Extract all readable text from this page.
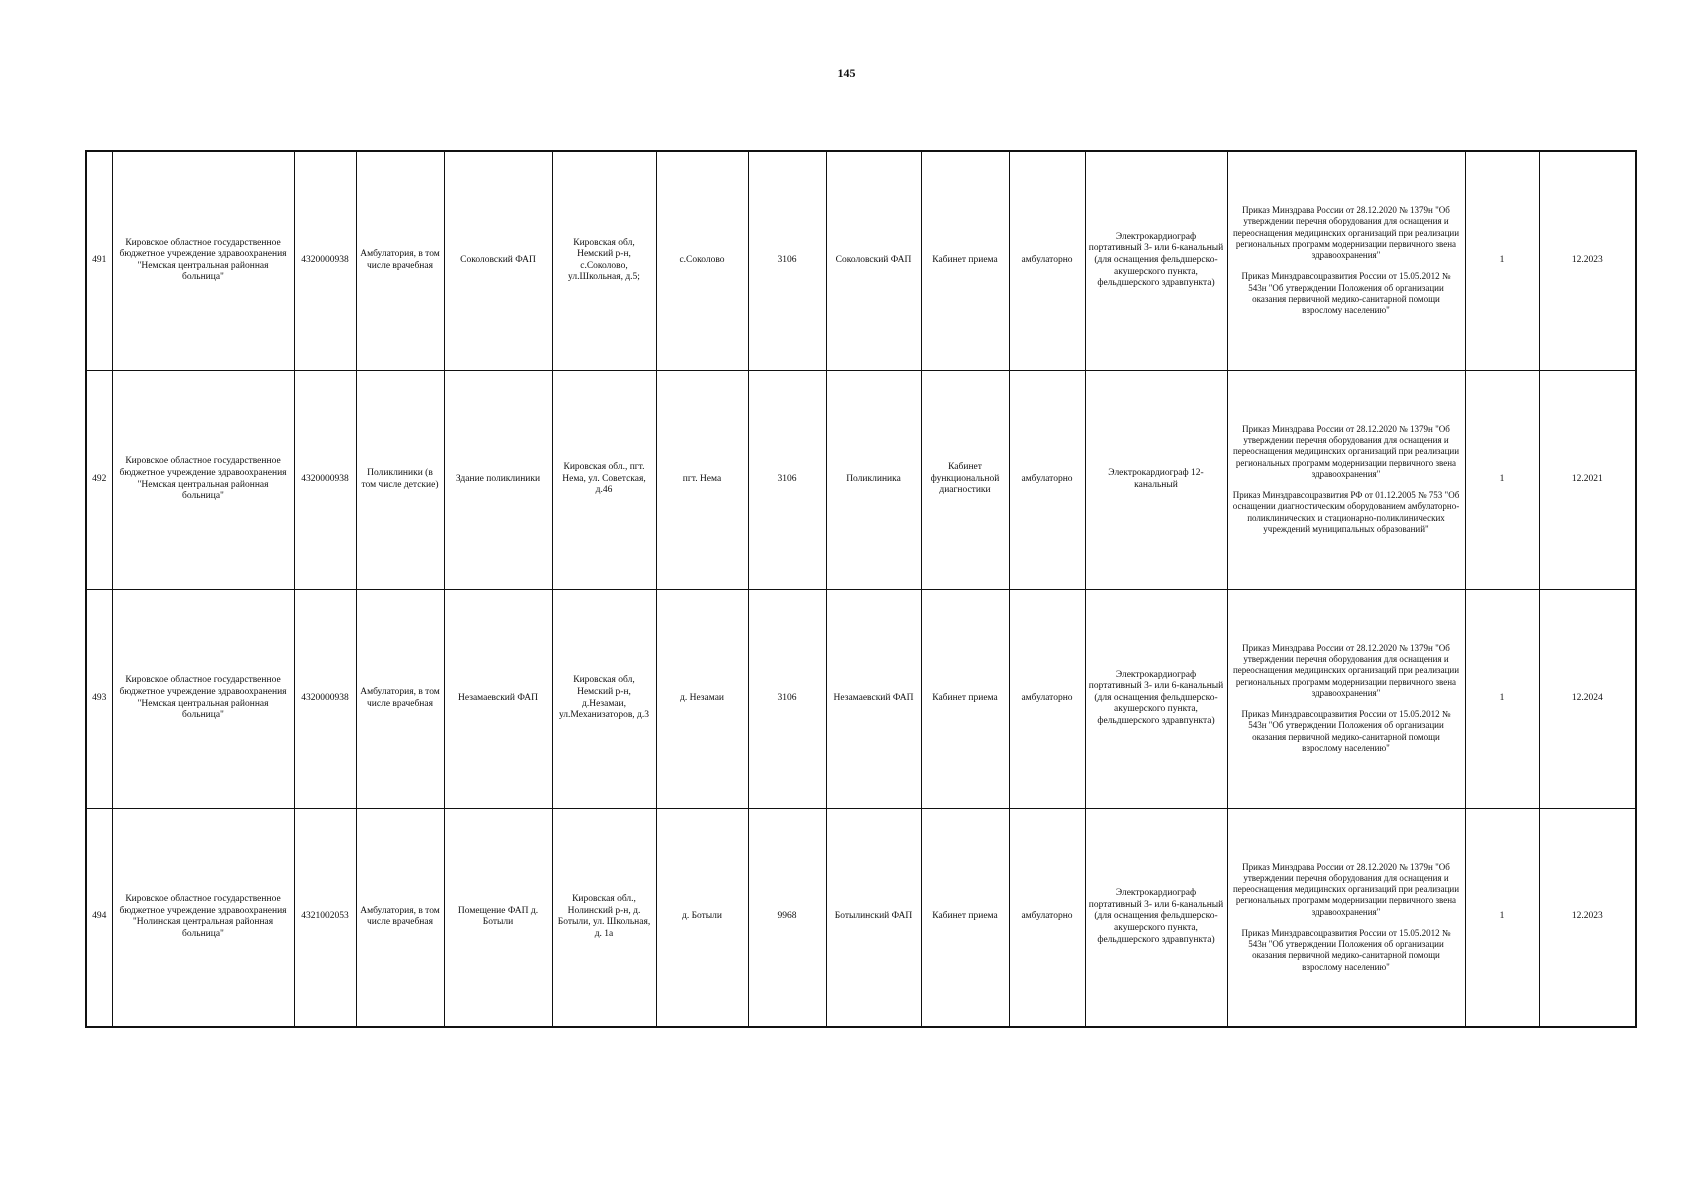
145
491	Кировское областное государственное бюджетное учреждение здравоохранения "Немская центральная районная больница"	4320000938	Амбулатория, в том числе врачебная	Соколовский ФАП	Кировская обл, Немский р-н, с.Соколово, ул.Школьная, д.5;	с.Соколово	3106	Соколовский ФАП	Кабинет приема	амбулаторно	Электрокардиограф портативный 3- или 6-канальный (для оснащения фельдшерско-акушерского пункта, фельдшерского здравпункта)	Приказ Минздрава России от 28.12.2020 № 1379н "Об утверждении перечня оборудования для оснащения и переоснащения медицинских организаций при реализации региональных программ модернизации первичного звена здравоохранения"
Приказ Минздравсоцразвития России от 15.05.2012 № 543н "Об утверждении Положения об организации оказания первичной медико-санитарной помощи взрослому населению"	1	12.2023
492	Кировское областное государственное бюджетное учреждение здравоохранения "Немская центральная районная больница"	4320000938	Поликлиники (в том числе детские)	Здание поликлиники	Кировская обл., пгт. Нема, ул. Советская, д.46	пгт. Нема	3106	Поликлиника	Кабинет функциональной диагностики	амбулаторно	Электрокардиограф 12-канальный	Приказ Минздрава России от 28.12.2020 № 1379н "Об утверждении перечня оборудования для оснащения и переоснащения медицинских организаций при реализации региональных программ модернизации первичного звена здравоохранения"
Приказ Минздравсоцразвития РФ от 01.12.2005 № 753 "Об оснащении диагностическим оборудованием амбулаторно-поликлинических и стационарно-поликлинических учреждений муниципальных образований"	1	12.2021
493	Кировское областное государственное бюджетное учреждение здравоохранения "Немская центральная районная больница"	4320000938	Амбулатория, в том числе врачебная	Незамаевский ФАП	Кировская обл, Немский р-н, д.Незамаи, ул.Механизаторов, д.3	д. Незамаи	3106	Незамаевский ФАП	Кабинет приема	амбулаторно	Электрокардиограф портативный 3- или 6-канальный (для оснащения фельдшерско-акушерского пункта, фельдшерского здравпункта)	Приказ Минздрава России от 28.12.2020 № 1379н "Об утверждении перечня оборудования для оснащения и переоснащения медицинских организаций при реализации региональных программ модернизации первичного звена здравоохранения"
Приказ Минздравсоцразвития России от 15.05.2012 № 543н "Об утверждении Положения об организации оказания первичной медико-санитарной помощи взрослому населению"	1	12.2024
494	Кировское областное государственное бюджетное учреждение здравоохранения "Нолинская центральная районная больница"	4321002053	Амбулатория, в том числе врачебная	Помещение ФАП д. Ботыли	Кировская обл., Нолинский р-н, д. Ботыли, ул. Школьная, д. 1а	д. Ботыли	9968	Ботылинский ФАП	Кабинет приема	амбулаторно	Электрокардиограф портативный 3- или 6-канальный (для оснащения фельдшерско-акушерского пункта, фельдшерского здравпункта)	Приказ Минздрава России от 28.12.2020 № 1379н "Об утверждении перечня оборудования для оснащения и переоснащения медицинских организаций при реализации региональных программ модернизации первичного звена здравоохранения"
Приказ Минздравсоцразвития России от 15.05.2012 № 543н "Об утверждении Положения об организации оказания первичной медико-санитарной помощи взрослому населению"	1	12.2023
